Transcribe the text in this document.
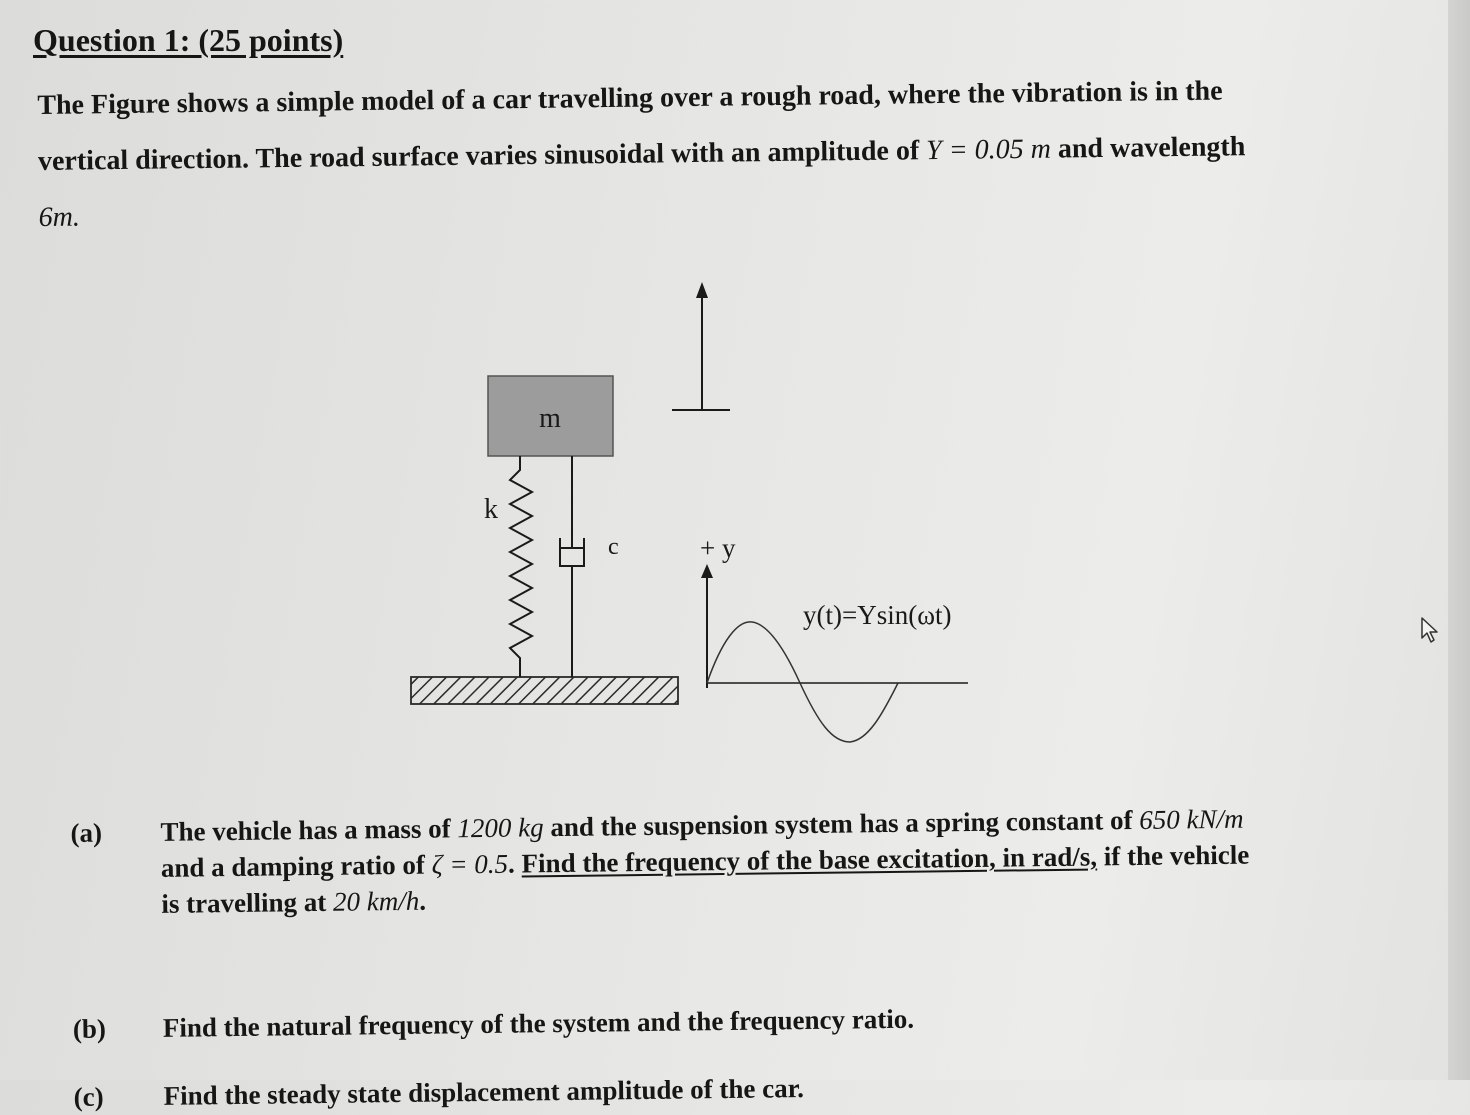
Question 1: (25 points)
The Figure shows a simple model of a car travelling over a rough road, where the vibration is in the
vertical direction. The road surface varies sinusoidal with an amplitude of Y = 0.05 m and wavelength
6m.
m
k
c	+ y
y(t)=Ysin(ωt)
(a)	The vehicle has a mass of 1200 kg and the suspension system has a spring constant of 650 kN/m
and a damping ratio of ζ = 0.5. Find the frequency of the base excitation, in rad/s, if the vehicle
is travelling at 20 km/h.
(b)	Find the natural frequency of the system and the frequency ratio.
(c)	Find the steady state displacement amplitude of the car.
